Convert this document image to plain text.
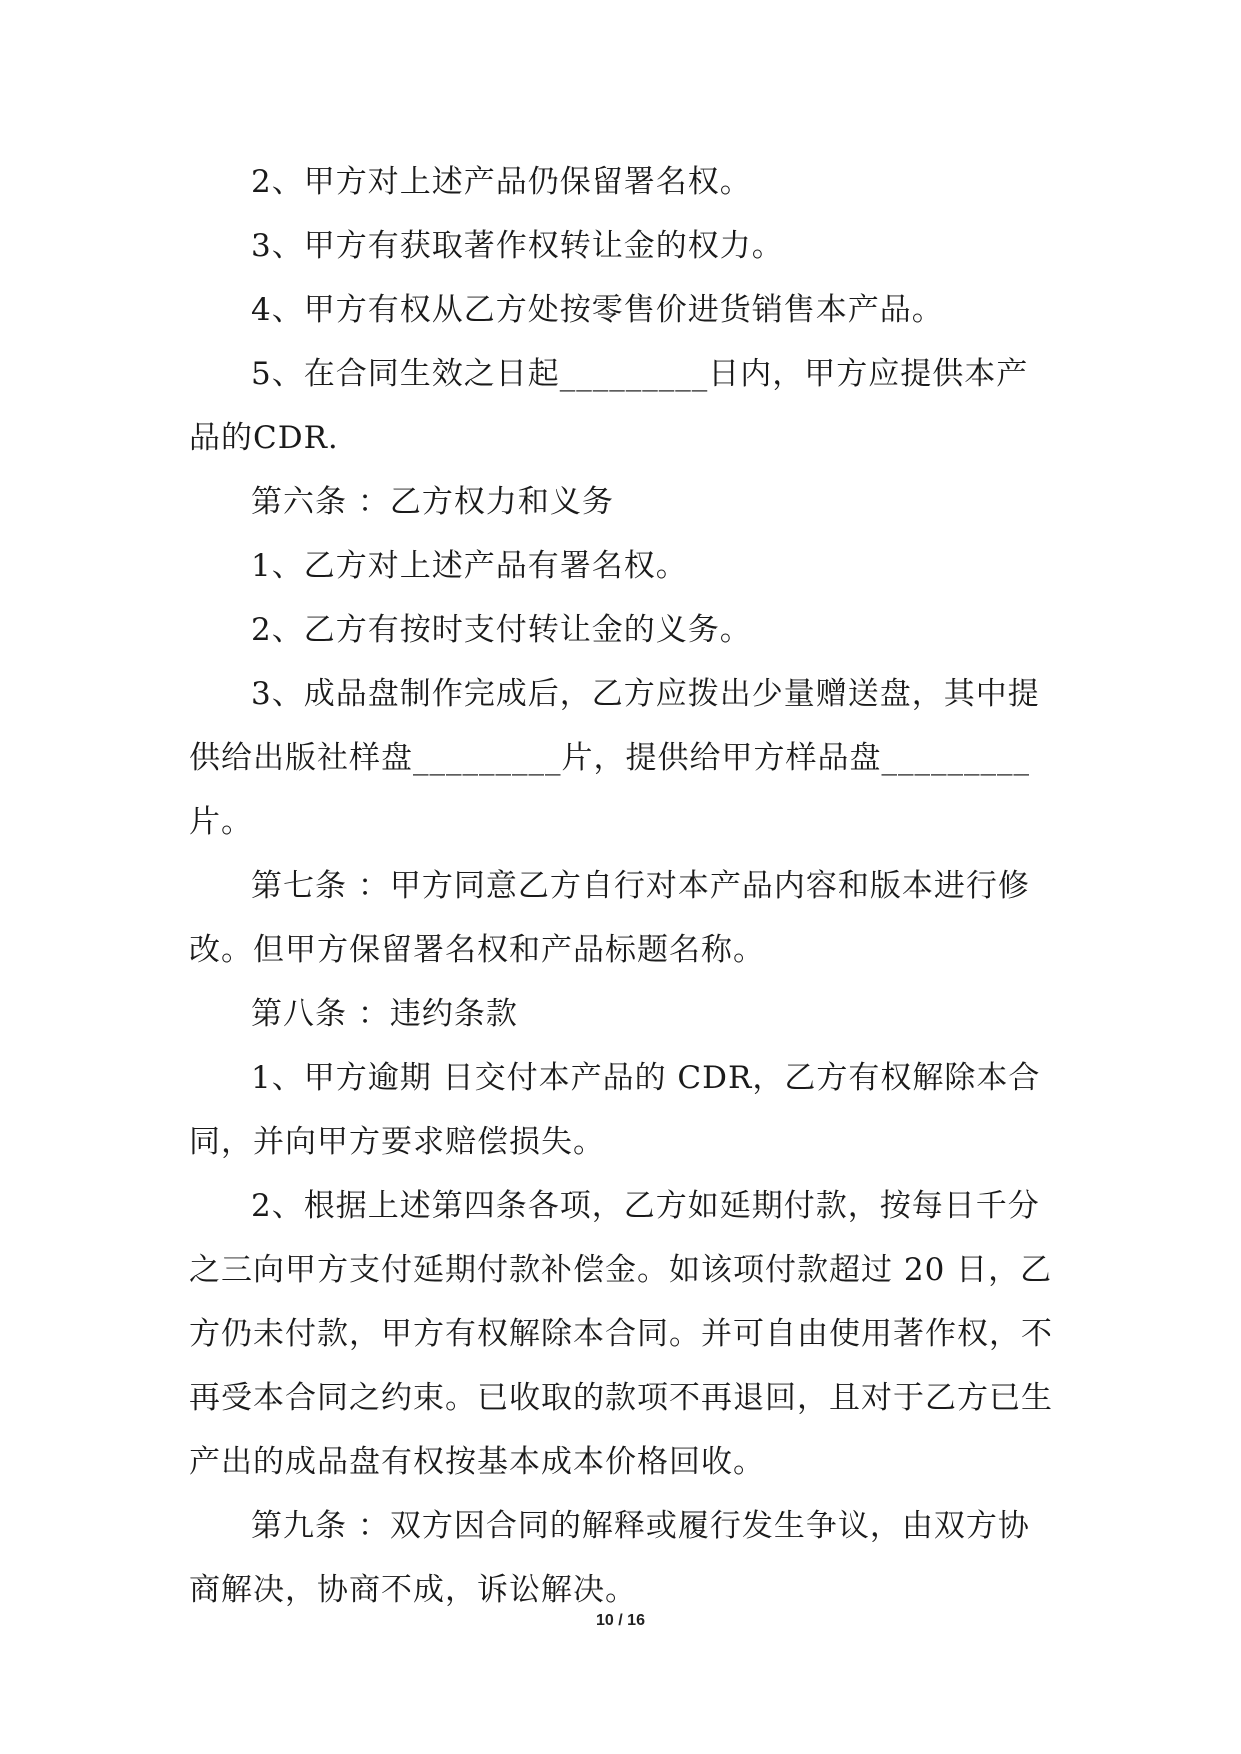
2、甲方对上述产品仍保留署名权。

3、甲方有获取著作权转让金的权力。

4、甲方有权从乙方处按零售价进货销售本产品。

5、在合同生效之日起_________日内，甲方应提供本产品的CDR.

第六条 ：乙方权力和义务

1、乙方对上述产品有署名权。

2、乙方有按时支付转让金的义务。

3、成品盘制作完成后，乙方应拨出少量赠送盘，其中提供给出版社样盘_________片，提供给甲方样品盘_________片。

第七条 ：甲方同意乙方自行对本产品内容和版本进行修改。但甲方保留署名权和产品标题名称。

第八条 ：违约条款

1、甲方逾期 日交付本产品的 CDR，乙方有权解除本合同，并向甲方要求赔偿损失。

2、根据上述第四条各项，乙方如延期付款，按每日千分之三向甲方支付延期付款补偿金。如该项付款超过 20 日，乙方仍未付款，甲方有权解除本合同。并可自由使用著作权，不再受本合同之约束。已收取的款项不再退回，且对于乙方已生产出的成品盘有权按基本成本价格回收。

第九条 ：双方因合同的解释或履行发生争议，由双方协商解决，协商不成，诉讼解决。

10 / 16
